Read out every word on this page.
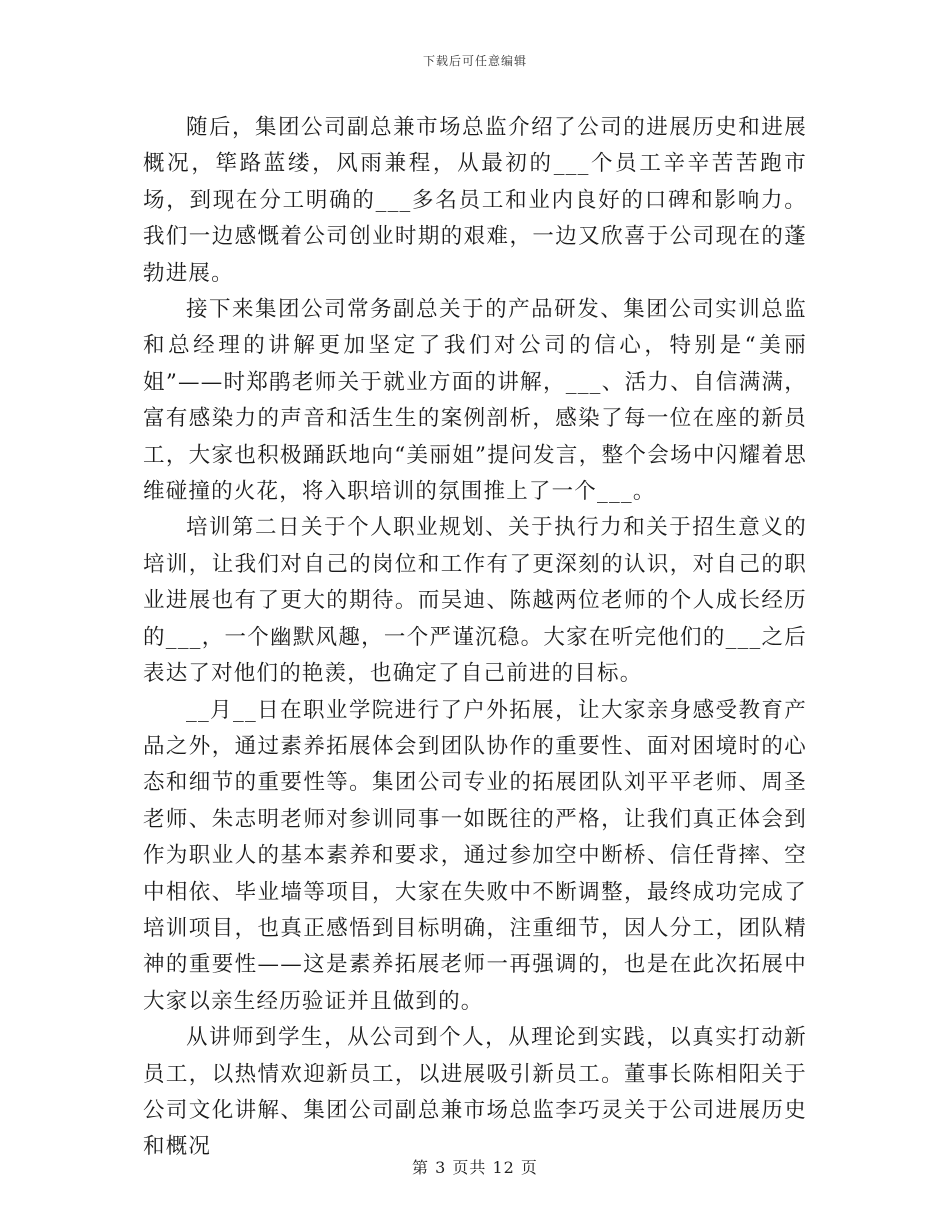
下载后可任意编辑

随后，集团公司副总兼市场总监介绍了公司的进展历史和进展概况，筚路蓝缕，风雨兼程，从最初的___个员工辛辛苦苦跑市场，到现在分工明确的___多名员工和业内良好的口碑和影响力。我们一边感慨着公司创业时期的艰难，一边又欣喜于公司现在的蓬勃进展。

接下来集团公司常务副总关于的产品研发、集团公司实训总监和总经理的讲解更加坚定了我们对公司的信心，特别是“美丽姐”——时郑鹃老师关于就业方面的讲解，___、活力、自信满满，富有感染力的声音和活生生的案例剖析，感染了每一位在座的新员工，大家也积极踊跃地向“美丽姐”提问发言，整个会场中闪耀着思维碰撞的火花，将入职培训的氛围推上了一个___。

培训第二日关于个人职业规划、关于执行力和关于招生意义的培训，让我们对自己的岗位和工作有了更深刻的认识，对自己的职业进展也有了更大的期待。而吴迪、陈越两位老师的个人成长经历的___，一个幽默风趣，一个严谨沉稳。大家在听完他们的___之后表达了对他们的艳羡，也确定了自己前进的目标。

__月__日在职业学院进行了户外拓展，让大家亲身感受教育产品之外，通过素养拓展体会到团队协作的重要性、面对困境时的心态和细节的重要性等。集团公司专业的拓展团队刘平平老师、周圣老师、朱志明老师对参训同事一如既往的严格，让我们真正体会到作为职业人的基本素养和要求，通过参加空中断桥、信任背摔、空中相依、毕业墙等项目，大家在失败中不断调整，最终成功完成了培训项目，也真正感悟到目标明确，注重细节，因人分工，团队精神的重要性——这是素养拓展老师一再强调的，也是在此次拓展中大家以亲生经历验证并且做到的。

从讲师到学生，从公司到个人，从理论到实践，以真实打动新员工，以热情欢迎新员工，以进展吸引新员工。董事长陈相阳关于公司文化讲解、集团公司副总兼市场总监李巧灵关于公司进展历史和概况

第 3 页共 12 页
